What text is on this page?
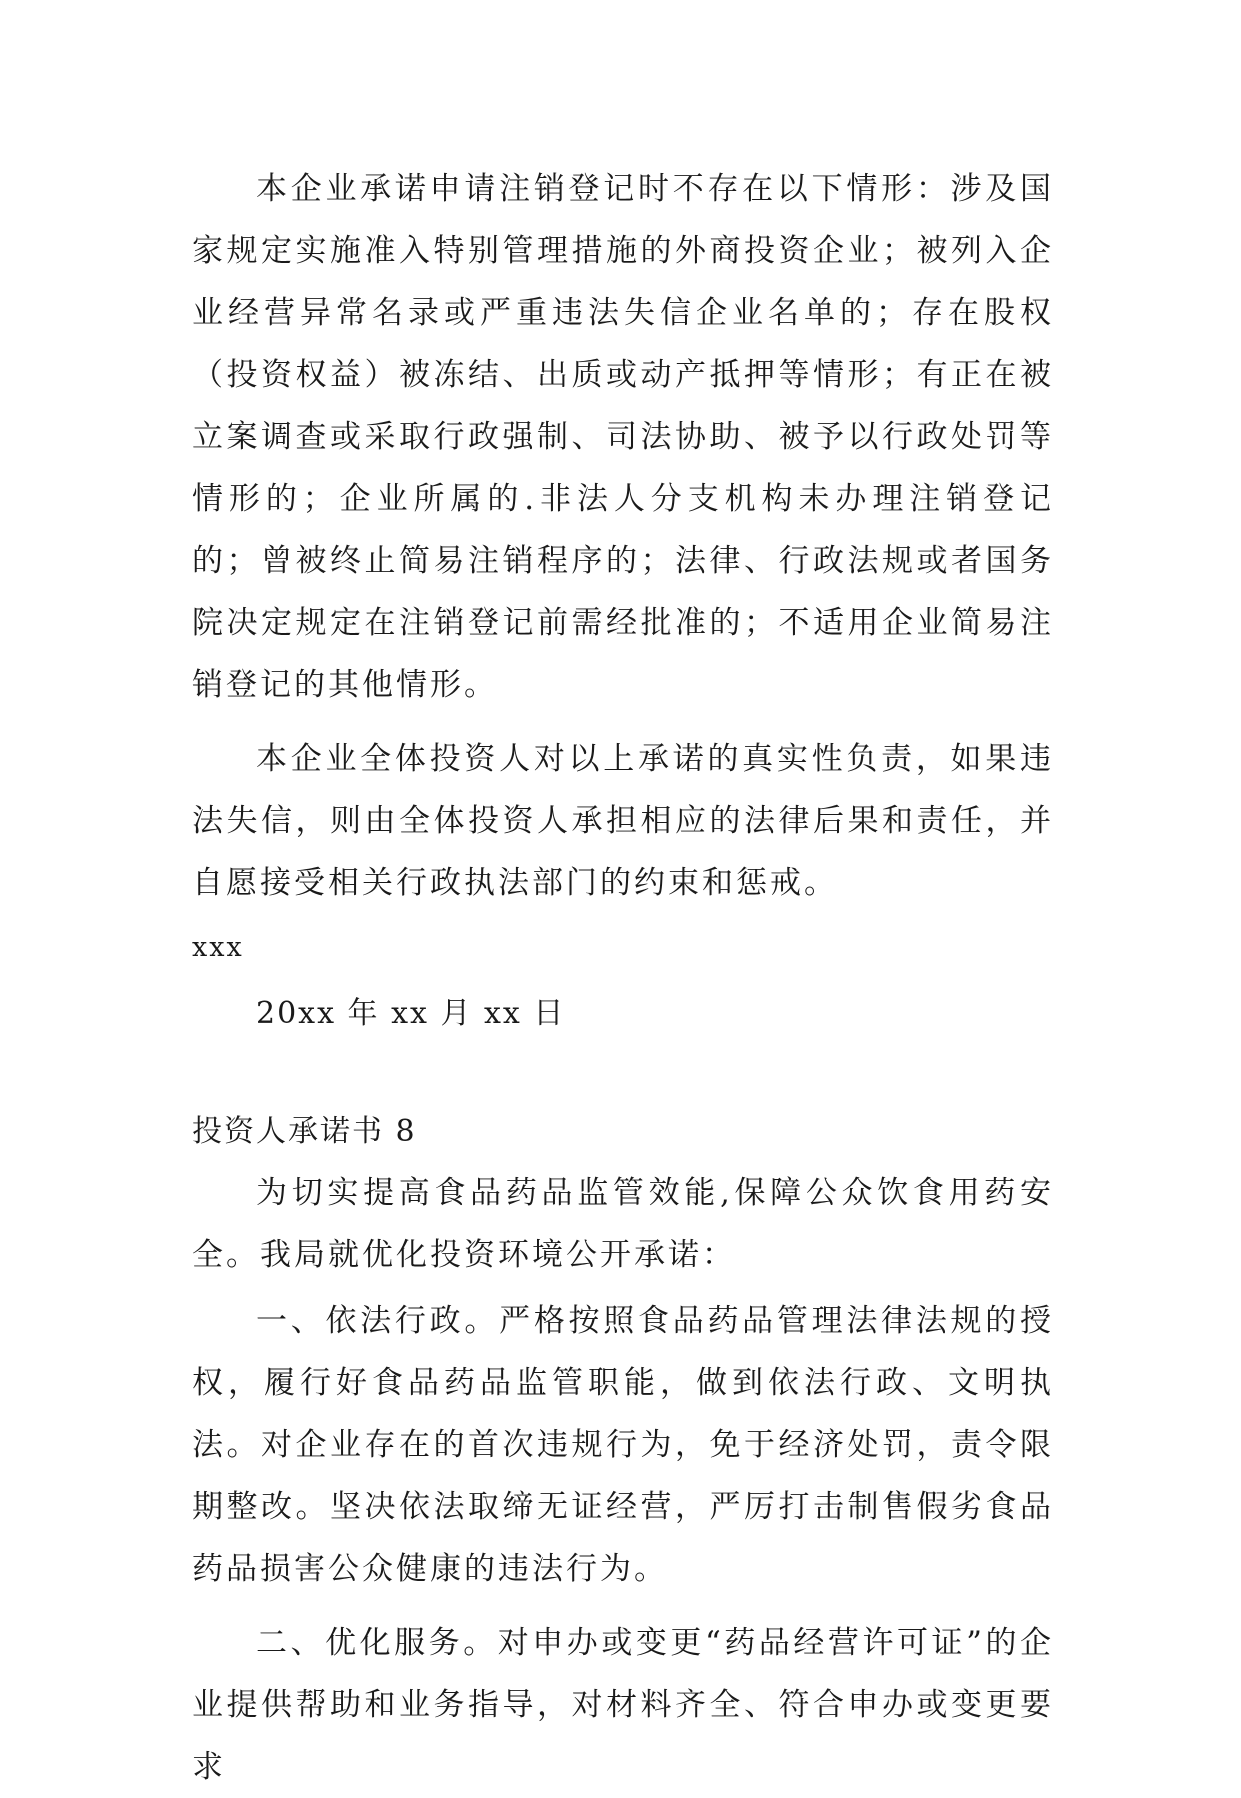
本企业承诺申请注销登记时不存在以下情形：涉及国家规定实施准入特别管理措施的外商投资企业；被列入企业经营异常名录或严重违法失信企业名单的；存在股权（投资权益）被冻结、出质或动产抵押等情形；有正在被立案调查或采取行政强制、司法协助、被予以行政处罚等情形的；企业所属的.非法人分支机构未办理注销登记的；曾被终止简易注销程序的；法律、行政法规或者国务院决定规定在注销登记前需经批准的；不适用企业简易注销登记的其他情形。

本企业全体投资人对以上承诺的真实性负责，如果违法失信，则由全体投资人承担相应的法律后果和责任，并自愿接受相关行政执法部门的约束和惩戒。

xxx

20xx 年 xx 月 xx 日

投资人承诺书 8

为切实提高食品药品监管效能,保障公众饮食用药安全。我局就优化投资环境公开承诺：

一、依法行政。严格按照食品药品管理法律法规的授权，履行好食品药品监管职能，做到依法行政、文明执法。对企业存在的首次违规行为，免于经济处罚，责令限期整改。坚决依法取缔无证经营，严厉打击制售假劣食品药品损害公众健康的违法行为。

二、优化服务。对申办或变更“药品经营许可证”的企业提供帮助和业务指导，对材料齐全、符合申办或变更要求
